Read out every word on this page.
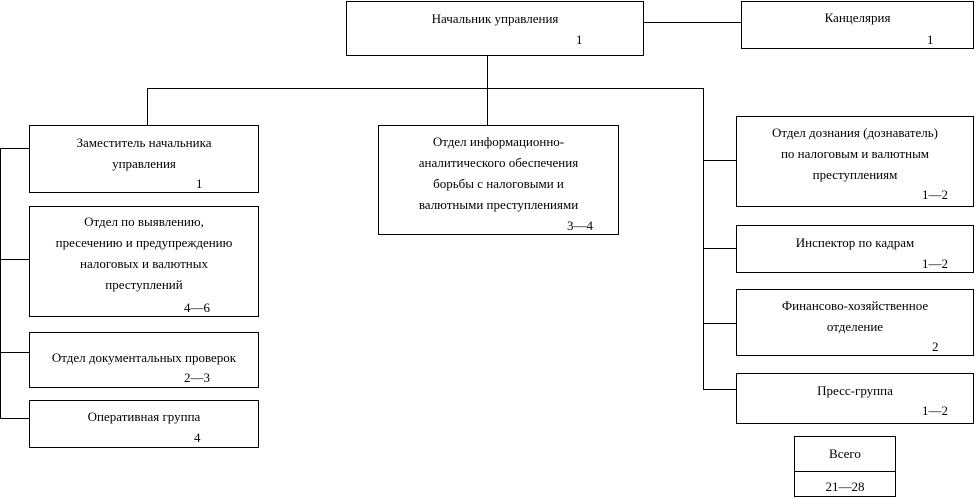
Начальник управления
1
Канцелярия
1
Заместитель начальника
управления
1
Отдел по выявлению,
пресечению и предупреждению
налоговых и валютных
преступлений
4—6
Отдел документальных проверок
2—3
Оперативная группа
4
Отдел информационно-
аналитического обеспечения
борьбы с налоговыми и
валютными преступлениями
3—4
Отдел дознания (дознаватель)
по налоговым и валютным
преступлениям
1—2
Инспектор по кадрам
1—2
Финансово-хозяйственное
отделение
2
Пресс-группа
1—2
Всего
21—28
